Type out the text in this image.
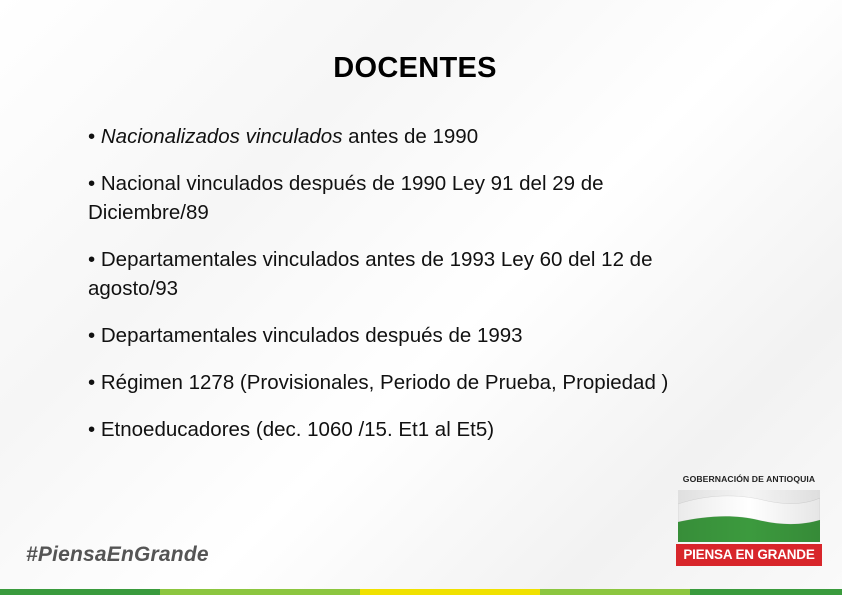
DOCENTES
• Nacionalizados vinculados antes de 1990
• Nacional vinculados después de 1990 Ley 91 del 29 de Diciembre/89
• Departamentales vinculados antes de 1993 Ley 60 del 12 de agosto/93
• Departamentales vinculados después de 1993
• Régimen 1278 (Provisionales, Periodo de Prueba, Propiedad )
• Etnoeducadores (dec. 1060 /15. Et1 al Et5)
#PiensaEnGrande
GOBERNACIÓN DE ANTIOQUIA
PIENSA EN GRANDE
